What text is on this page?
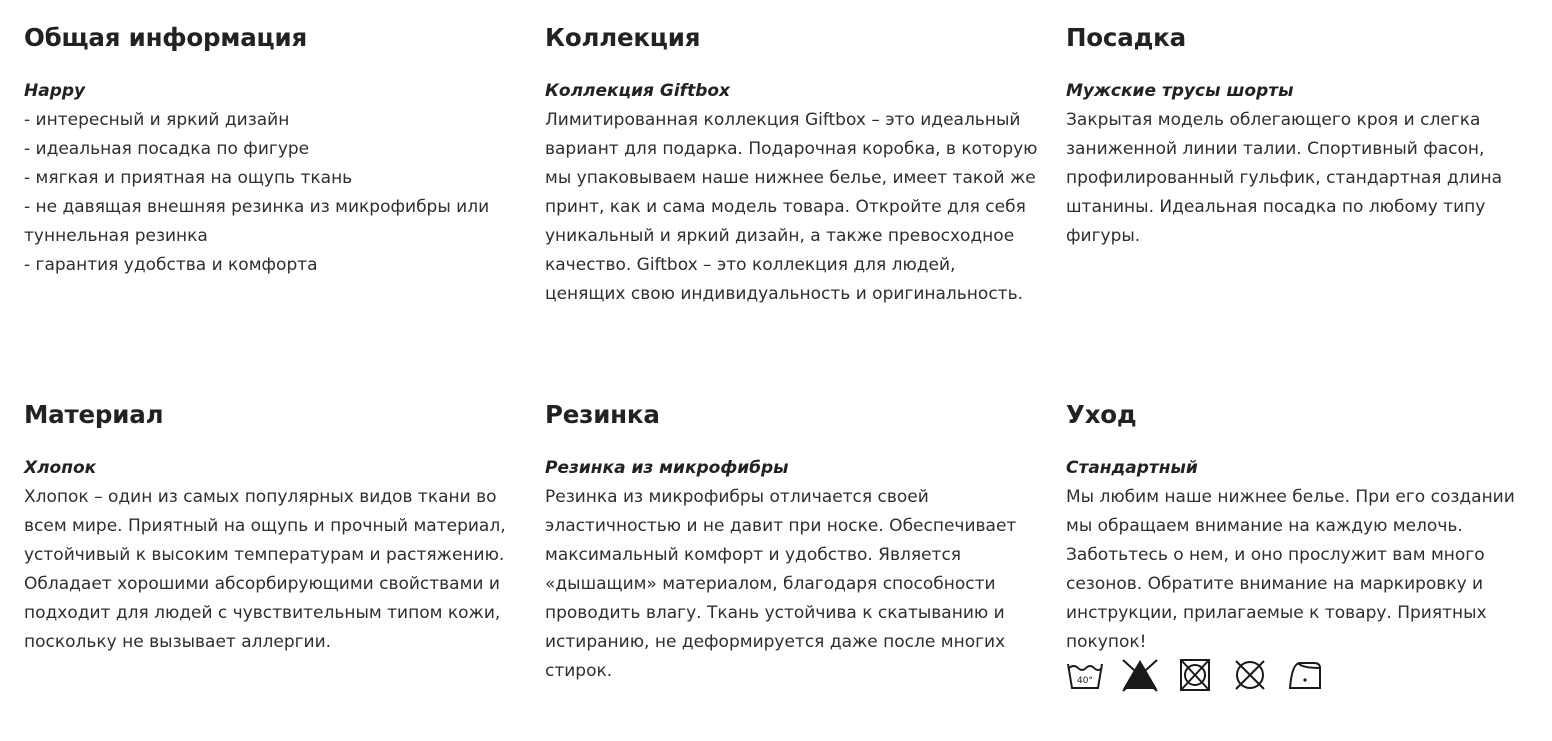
Общая информация
Happy

- интересный и яркий дизайн

- идеальная посадка по фигуре

- мягкая и приятная на ощупь ткань

- не давящая внешняя резинка из микрофибры или туннельная резинка

- гарантия удобства и комфорта

Коллекция
Коллекция Giftbox

Лимитированная коллекция Giftbox – это идеальный вариант для подарка. Подарочная коробка, в которую мы упаковываем наше нижнее белье, имеет такой же принт, как и сама модель товара. Откройте для себя уникальный и яркий дизайн, а также превосходное качество. Giftbox – это коллекция для людей, ценящих свою индивидуальность и оригинальность.

Посадка
Мужские трусы шорты

Закрытая модель облегающего кроя и слегка заниженной линии талии. Спортивный фасон, профилированный гульфик, стандартная длина штанины. Идеальная посадка по любому типу фигуры.

Материал
Хлопок

Хлопок – один из самых популярных видов ткани во всем мире. Приятный на ощупь и прочный материал, устойчивый к высоким температурам и растяжению. Обладает хорошими абсорбирующими свойствами и подходит для людей с чувствительным типом кожи, поскольку не вызывает аллергии.

Резинка
Резинка из микрофибры

Резинка из микрофибры отличается своей эластичностью и не давит при носке. Обеспечивает максимальный комфорт и удобство. Является «дышащим» материалом, благодаря способности проводить влагу. Ткань устойчива к скатыванию и истиранию, не деформируется даже после многих стирок.

Уход
Стандартный

Мы любим наше нижнее белье. При его создании мы обращаем внимание на каждую мелочь. Заботьтесь о нем, и оно прослужит вам много сезонов. Обратите внимание на маркировку и инструкции, прилагаемые к товару. Приятных покупок!

40°
